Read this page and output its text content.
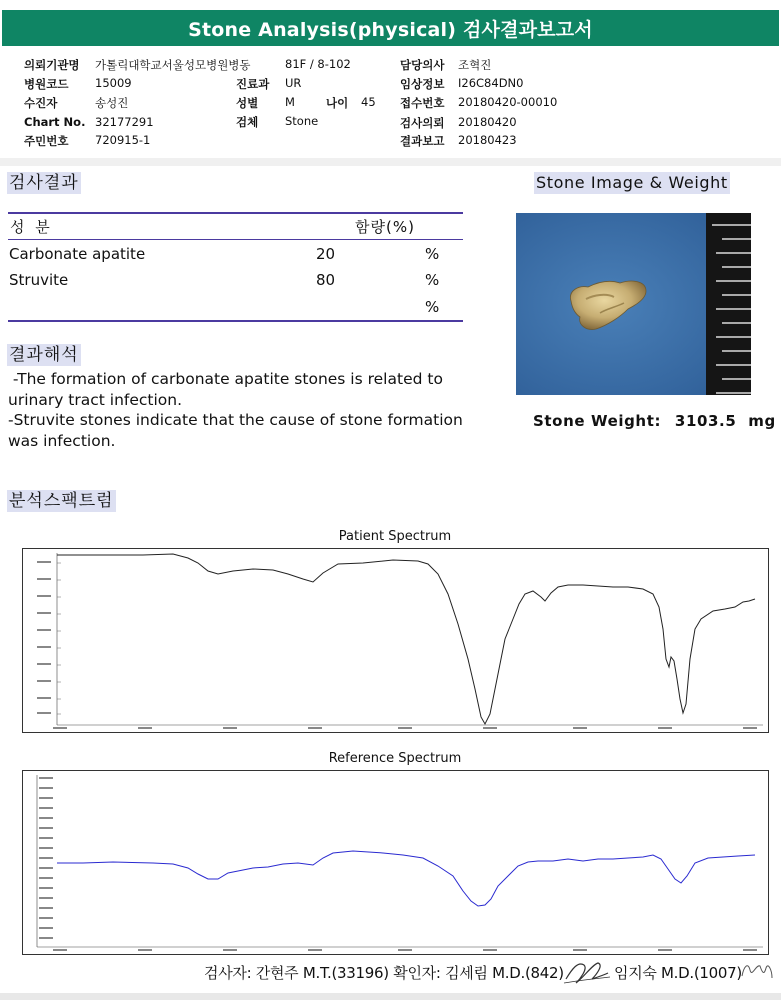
Stone Analysis(physical) 검사결과보고서
의뢰기관명 가톨릭대학교서울성모병원병동	81F / 8-102
병원코드 15009	진료과 UR
수진자	송성진	성별 M	나이 45
Chart No. 32177291	검체 Stone
주민번호 720915-1
담당의사 조혁진
임상정보 I26C84DN0
접수번호 20180420-00010
검사의뢰 20180420
결과보고 20180423
검사결과
성 분	함량(%)
Carbonate apatite	20	%
Struvite	80	%
%
Stone Image & Weight
Stone Weight: 3103.5 mg
결과해석
-The formation of carbonate apatite stones is related to
urinary tract infection.
-Struvite stones indicate that the cause of stone formation
was infection.
분석스팩트럼
Patient Spectrum
Reference Spectrum
검사자: 간현주 M.T.(33196) 확인자: 김세림 M.D.(842)	임지숙 M.D.(1007)
